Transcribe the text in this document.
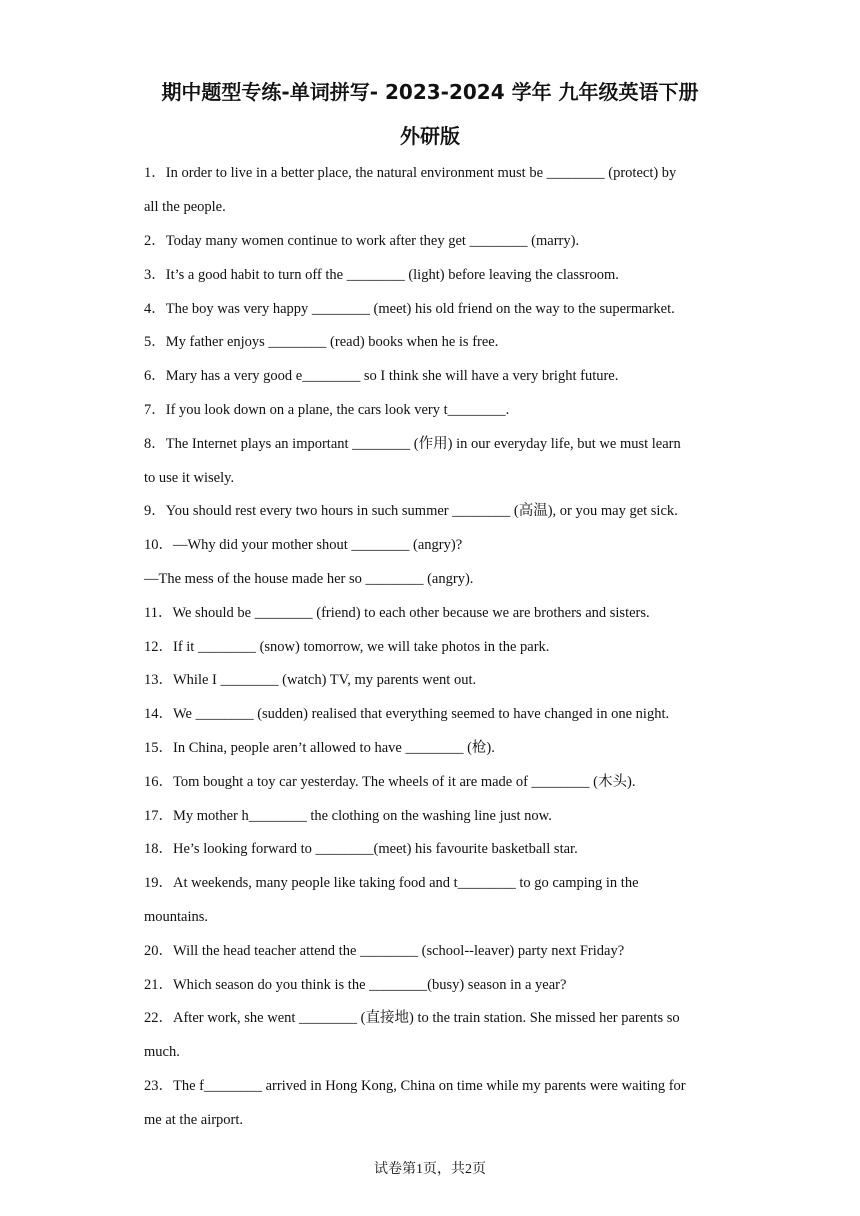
期中题型专练-单词拼写- 2023-2024 学年 九年级英语下册
外研版
1．In order to live in a better place, the natural environment must be ________ (protect) by
all the people.
2．Today many women continue to work after they get ________ (marry).
3．It’s a good habit to turn off the ________ (light) before leaving the classroom.
4．The boy was very happy ________ (meet) his old friend on the way to the supermarket.
5．My father enjoys ________ (read) books when he is free.
6．Mary has a very good e________ so I think she will have a very bright future.
7．If you look down on a plane, the cars look very t________.
8．The Internet plays an important ________ (作用) in our everyday life, but we must learn
to use it wisely.
9．You should rest every two hours in such summer ________ (高温), or you may get sick.
10．—Why did your mother shout ________ (angry)?
—The mess of the house made her so ________ (angry).
11．We should be ________ (friend) to each other because we are brothers and sisters.
12．If it ________ (snow) tomorrow, we will take photos in the park.
13．While I ________ (watch) TV, my parents went out.
14．We ________ (sudden) realised that everything seemed to have changed in one night.
15．In China, people aren’t allowed to have ________ (枪).
16．Tom bought a toy car yesterday. The wheels of it are made of ________ (木头).
17．My mother h________ the clothing on the washing line just now.
18．He’s looking forward to ________(meet) his favourite basketball star.
19．At weekends, many people like taking food and t________ to go camping in the
mountains.
20．Will the head teacher attend the ________ (school--leaver) party next Friday?
21．Which season do you think is the ________(busy) season in a year?
22．After work, she went ________ (直接地) to the train station. She missed her parents so
much.
23．The f________ arrived in Hong Kong, China on time while my parents were waiting for
me at the airport.
试卷第1页，共2页
